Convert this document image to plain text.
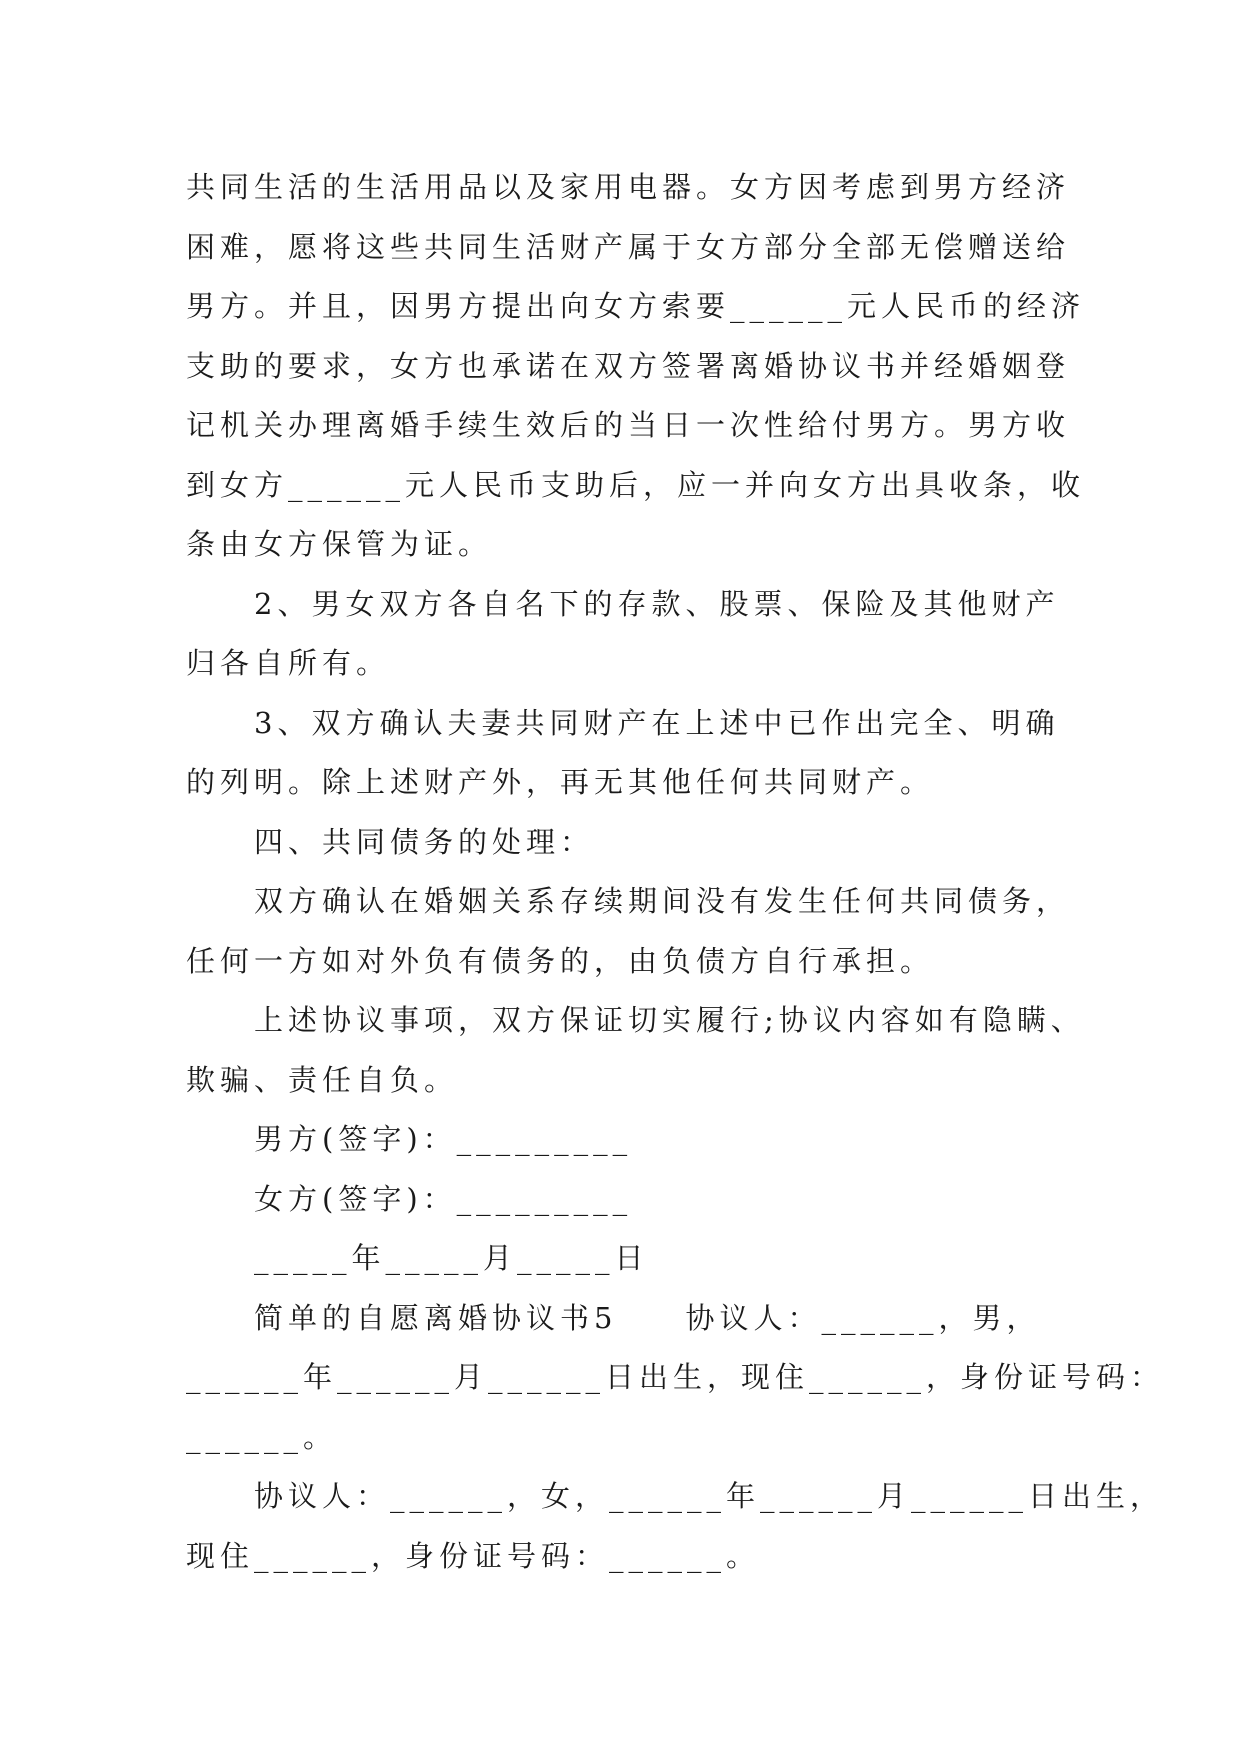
共同生活的生活用品以及家用电器。女方因考虑到男方经济
困难，愿将这些共同生活财产属于女方部分全部无偿赠送给
男方。并且，因男方提出向女方索要______元人民币的经济
支助的要求，女方也承诺在双方签署离婚协议书并经婚姻登
记机关办理离婚手续生效后的当日一次性给付男方。男方收
到女方______元人民币支助后，应一并向女方出具收条，收
条由女方保管为证。
2、男女双方各自名下的存款、股票、保险及其他财产
归各自所有。
3、双方确认夫妻共同财产在上述中已作出完全、明确
的列明。除上述财产外，再无其他任何共同财产。
四、共同债务的处理：
双方确认在婚姻关系存续期间没有发生任何共同债务，
任何一方如对外负有债务的，由负债方自行承担。
上述协议事项，双方保证切实履行;协议内容如有隐瞒、
欺骗、责任自负。
男方(签字)：_________
女方(签字)：_________
_____年_____月_____日
简单的自愿离婚协议书5　　协议人：______，男，
______年______月______日出生，现住______，身份证号码：
______。
协议人：______，女，______年______月______日出生，
现住______，身份证号码：______。
